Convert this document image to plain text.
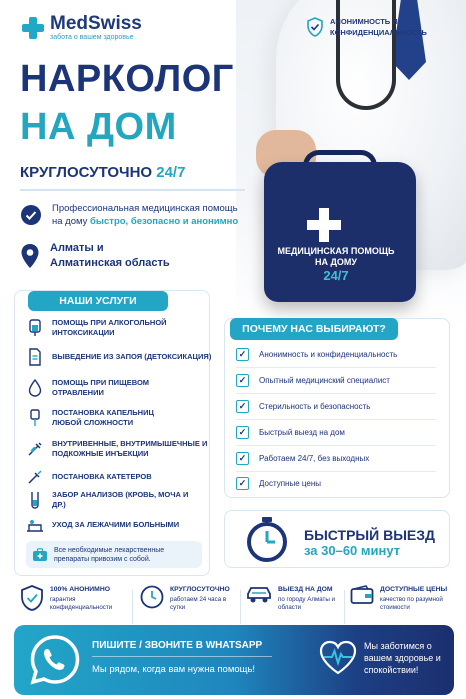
МЕДИЦИНСКАЯ ПОМОЩЬ НА ДОМУ
24/7
MedSwiss
забота о вашем здоровье
АНОНИМНОСТЬ И КОНФИДЕНЦИАЛЬНОСТЬ
НАРКОЛОГ
НА ДОМ
КРУГЛОСУТОЧНО 24/7
Профессиональная медицинская помощь
на дому быстро, безопасно и анонимно
Алматы и
Алматинская область
НАШИ УСЛУГИ
ПОМОЩЬ ПРИ АЛКОГОЛЬНОЙ ИНТОКСИКАЦИИ
ВЫВЕДЕНИЕ ИЗ ЗАПОЯ (ДЕТОКСИКАЦИЯ)
ПОМОЩЬ ПРИ ПИЩЕВОМ ОТРАВЛЕНИИ
ПОСТАНОВКА КАПЕЛЬНИЦ ЛЮБОЙ СЛОЖНОСТИ
ВНУТРИВЕННЫЕ, ВНУТРИМЫШЕЧНЫЕ И ПОДКОЖНЫЕ ИНЪЕКЦИИ
ПОСТАНОВКА КАТЕТЕРОВ
ЗАБОР АНАЛИЗОВ (КРОВЬ, МОЧА И ДР.)
УХОД ЗА ЛЕЖАЧИМИ БОЛЬНЫМИ
Все необходимые лекарственные препараты привозим с собой.
ПОЧЕМУ НАС ВЫБИРАЮТ?
✓	Анонимность и конфиденциальность
✓	Опытный медицинский специалист
✓	Стерильность и безопасность
✓	Быстрый выезд на дом
✓	Работаем 24/7, без выходных
✓	Доступные цены
БЫСТРЫЙ ВЫЕЗД
за 30–60 минут
100% АНОНИМНО
гарантия конфиденциальности
КРУГЛОСУТОЧНО
работаем 24 часа в сутки
ВЫЕЗД НА ДОМ
по городу Алматы и области
ДОСТУПНЫЕ ЦЕНЫ
качество по разумной стоимости
ПИШИТЕ / ЗВОНИТЕ В WHATSAPP
Мы рядом, когда вам нужна помощь!
Мы заботимся о вашем здоровье и спокойствии!
